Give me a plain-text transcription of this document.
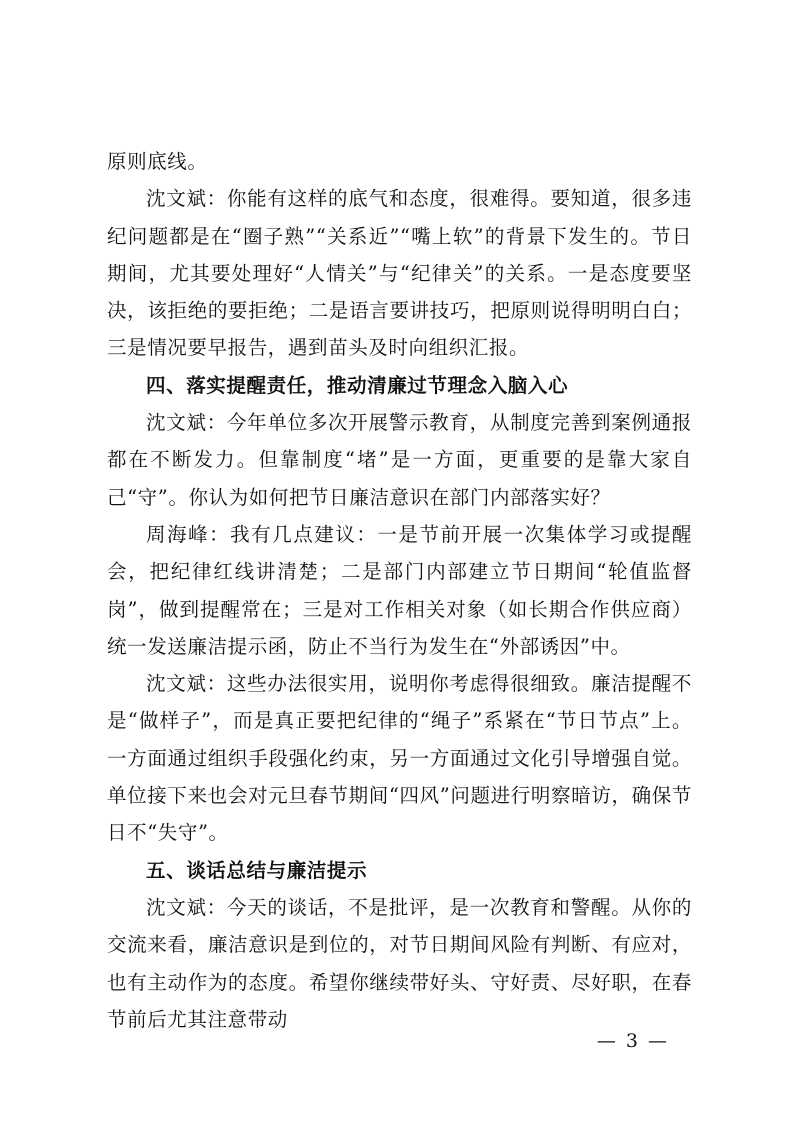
原则底线。

沈文斌：你能有这样的底气和态度，很难得。要知道，很多违纪问题都是在“圈子熟”“关系近”“嘴上软”的背景下发生的。节日期间，尤其要处理好“人情关”与“纪律关”的关系。一是态度要坚决，该拒绝的要拒绝；二是语言要讲技巧，把原则说得明明白白；三是情况要早报告，遇到苗头及时向组织汇报。

四、落实提醒责任，推动清廉过节理念入脑入心

沈文斌：今年单位多次开展警示教育，从制度完善到案例通报都在不断发力。但靠制度“堵”是一方面，更重要的是靠大家自己“守”。你认为如何把节日廉洁意识在部门内部落实好？

周海峰：我有几点建议：一是节前开展一次集体学习或提醒会，把纪律红线讲清楚；二是部门内部建立节日期间“轮值监督岗”，做到提醒常在；三是对工作相关对象（如长期合作供应商）统一发送廉洁提示函，防止不当行为发生在“外部诱因”中。

沈文斌：这些办法很实用，说明你考虑得很细致。廉洁提醒不是“做样子”，而是真正要把纪律的“绳子”系紧在“节日节点”上。一方面通过组织手段强化约束，另一方面通过文化引导增强自觉。单位接下来也会对元旦春节期间“四风”问题进行明察暗访，确保节日不“失守”。

五、谈话总结与廉洁提示

沈文斌：今天的谈话，不是批评，是一次教育和警醒。从你的交流来看，廉洁意识是到位的，对节日期间风险有判断、有应对，也有主动作为的态度。希望你继续带好头、守好责、尽好职，在春节前后尤其注意带动

— 3 —
